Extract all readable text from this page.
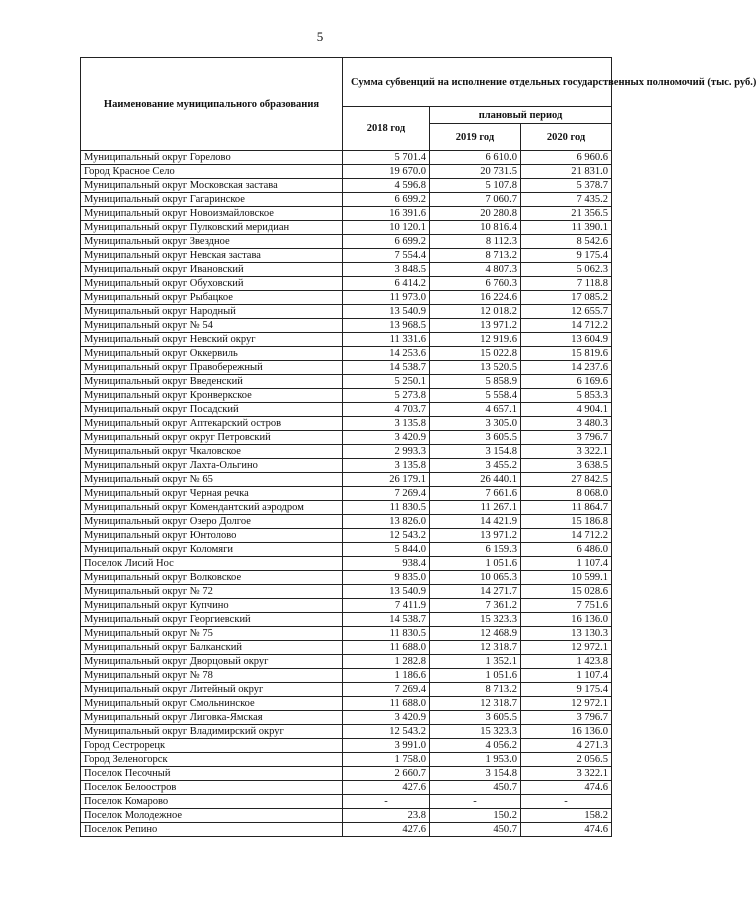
5
Наименование муниципального образования	Сумма субвенций на исполнение отдельных государственных полномочий (тыс. руб.)		
	2018 год	плановый период	
		2019 год	2020 год
Муниципальный округ Горелово	5 701.4	6 610.0	6 960.6
Город Красное Село	19 670.0	20 731.5	21 831.0
Муниципальный округ Московская застава	4 596.8	5 107.8	5 378.7
Муниципальный округ Гагаринское	6 699.2	7 060.7	7 435.2
Муниципальный округ Новоизмайловское	16 391.6	20 280.8	21 356.5
Муниципальный округ Пулковский меридиан	10 120.1	10 816.4	11 390.1
Муниципальный округ Звездное	6 699.2	8 112.3	8 542.6
Муниципальный округ Невская застава	7 554.4	8 713.2	9 175.4
Муниципальный округ Ивановский	3 848.5	4 807.3	5 062.3
Муниципальный округ Обуховский	6 414.2	6 760.3	7 118.8
Муниципальный округ Рыбацкое	11 973.0	16 224.6	17 085.2
Муниципальный округ Народный	13 540.9	12 018.2	12 655.7
Муниципальный округ № 54	13 968.5	13 971.2	14 712.2
Муниципальный округ Невский округ	11 331.6	12 919.6	13 604.9
Муниципальный округ Оккервиль	14 253.6	15 022.8	15 819.6
Муниципальный округ Правобережный	14 538.7	13 520.5	14 237.6
Муниципальный округ Введенский	5 250.1	5 858.9	6 169.6
Муниципальный округ Кронверкское	5 273.8	5 558.4	5 853.3
Муниципальный округ Посадский	4 703.7	4 657.1	4 904.1
Муниципальный округ Аптекарский остров	3 135.8	3 305.0	3 480.3
Муниципальный округ округ Петровский	3 420.9	3 605.5	3 796.7
Муниципальный округ Чкаловское	2 993.3	3 154.8	3 322.1
Муниципальный округ Лахта-Ольгино	3 135.8	3 455.2	3 638.5
Муниципальный округ № 65	26 179.1	26 440.1	27 842.5
Муниципальный округ Черная речка	7 269.4	7 661.6	8 068.0
Муниципальный округ Комендантский аэродром	11 830.5	11 267.1	11 864.7
Муниципальный округ Озеро Долгое	13 826.0	14 421.9	15 186.8
Муниципальный округ Юнтолово	12 543.2	13 971.2	14 712.2
Муниципальный округ Коломяги	5 844.0	6 159.3	6 486.0
Поселок Лисий Нос	938.4	1 051.6	1 107.4
Муниципальный округ Волковское	9 835.0	10 065.3	10 599.1
Муниципальный округ № 72	13 540.9	14 271.7	15 028.6
Муниципальный округ Купчино	7 411.9	7 361.2	7 751.6
Муниципальный округ Георгиевский	14 538.7	15 323.3	16 136.0
Муниципальный округ № 75	11 830.5	12 468.9	13 130.3
Муниципальный округ Балканский	11 688.0	12 318.7	12 972.1
Муниципальный округ Дворцовый округ	1 282.8	1 352.1	1 423.8
Муниципальный округ № 78	1 186.6	1 051.6	1 107.4
Муниципальный округ Литейный округ	7 269.4	8 713.2	9 175.4
Муниципальный округ Смольнинское	11 688.0	12 318.7	12 972.1
Муниципальный округ Лиговка-Ямская	3 420.9	3 605.5	3 796.7
Муниципальный округ Владимирский округ	12 543.2	15 323.3	16 136.0
Город Сестрорецк	3 991.0	4 056.2	4 271.3
Город Зеленогорск	1 758.0	1 953.0	2 056.5
Поселок Песочный	2 660.7	3 154.8	3 322.1
Поселок Белоостров	427.6	450.7	474.6
Поселок Комарово	-	-	-
Поселок Молодежное	23.8	150.2	158.2
Поселок Репино	427.6	450.7	474.6
